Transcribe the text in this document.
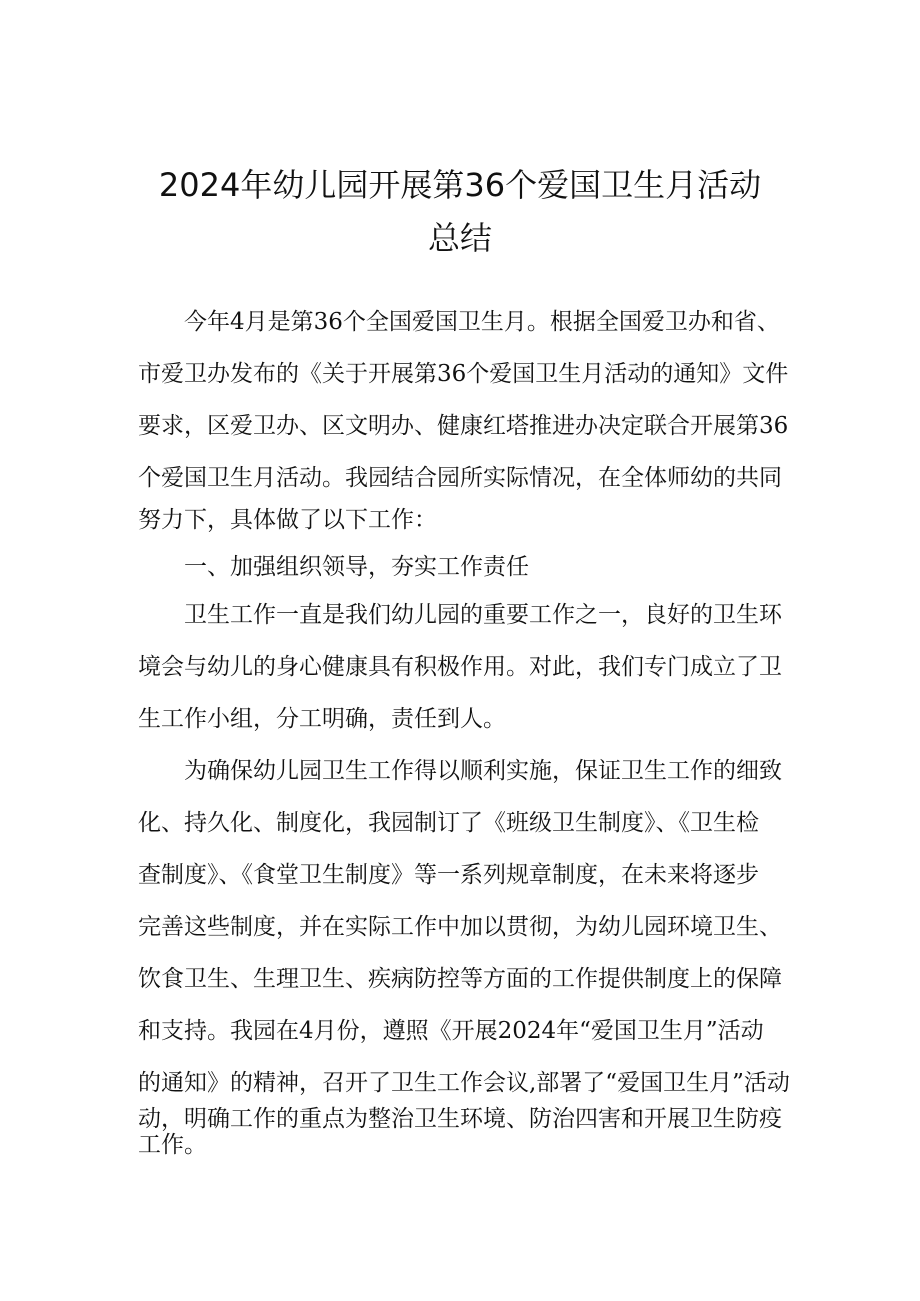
2024年幼儿园开展第36个爱国卫生月活动
总结
　　今年4月是第36个全国爱国卫生月。根据全国爱卫办和省、
市爱卫办发布的《关于开展第36个爱国卫生月活动的通知》文件
要求，区爱卫办、区文明办、健康红塔推进办决定联合开展第36
个爱国卫生月活动。我园结合园所实际情况，在全体师幼的共同
努力下，具体做了以下工作：
　　一、加强组织领导，夯实工作责任
　　卫生工作一直是我们幼儿园的重要工作之一，良好的卫生环
境会与幼儿的身心健康具有积极作用。对此，我们专门成立了卫
生工作小组，分工明确，责任到人。
　　为确保幼儿园卫生工作得以顺利实施，保证卫生工作的细致
化、持久化、制度化，我园制订了《班级卫生制度》、《卫生检
查制度》、《食堂卫生制度》等一系列规章制度，在未来将逐步
完善这些制度，并在实际工作中加以贯彻，为幼儿园环境卫生、
饮食卫生、生理卫生、疾病防控等方面的工作提供制度上的保障
和支持。我园在4月份，遵照《开展2024年“爱国卫生月”活动
的通知》的精神，召开了卫生工作会议,部署了“爱国卫生月”活动
动，明确工作的重点为整治卫生环境、防治四害和开展卫生防疫
工作。
